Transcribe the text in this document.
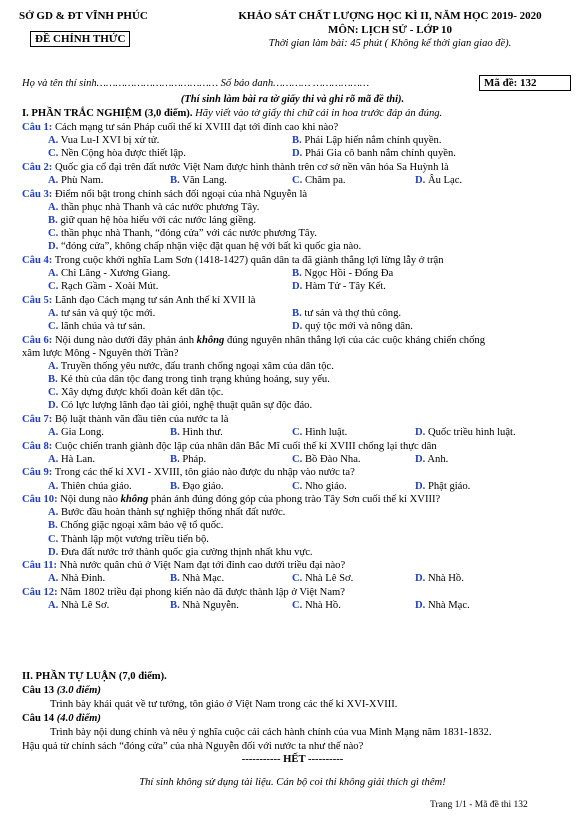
SỞ GD & ĐT VĨNH PHÚC
ĐỀ CHÍNH THỨC
KHẢO SÁT CHẤT LƯỢNG HỌC KÌ II, NĂM HỌC 2019- 2020
MÔN: LỊCH SỬ - LỚP 10
Thời gian làm bài: 45 phút ( Không kể thời gian giao đề).
Họ và tên thí sinh………………………………… Số báo danh………… ………………	Mã đề: 132
(Thí sinh làm bài ra tờ giấy thi và ghi rõ mã đề thi).
I. PHẦN TRẮC NGHIỆM (3,0 điểm). Hãy viết vào tờ giấy thi chữ cái in hoa trước đáp án đúng.
Câu 1: Cách mạng tư sản Pháp cuối thế kỉ XVIII đạt tới đỉnh cao khi nào?
A. Vua Lu-I XVI bị xử tử.	B. Phái Lập hiến nắm chính quyền.
C. Nền Cộng hòa được thiết lập.	D. Phái Gia cô banh nắm chính quyền.
Câu 2: Quốc gia cổ đại trên đất nước Việt Nam được hình thành trên cơ sở nền văn hóa Sa Huỳnh là
A. Phù Nam.	B. Văn Lang.	C. Chăm pa.	D. Âu Lạc.
Câu 3: Điểm nổi bật trong chính sách đối ngoại của nhà Nguyễn là
A. thần phục nhà Thanh và các nước phương Tây.
B. giữ quan hệ hòa hiếu với các nước láng giềng.
C. thần phục nhà Thanh, “đóng cửa” với các nước phương Tây.
D. “đóng cửa”, không chấp nhận việc đặt quan hệ với bất kì quốc gia nào.
Câu 4: Trong cuộc khởi nghĩa Lam Sơn (1418-1427) quân dân ta đã giành thắng lợi lừng lẫy ở trận
A. Chi Lăng - Xương Giang.	B. Ngọc Hồi - Đống Đa
C. Rạch Gầm - Xoài Mút.	D. Hàm Tử - Tây Kết.
Câu 5: Lãnh đạo Cách mạng tư sản Anh thế kỉ XVII là
A. tư sản và quý tộc mới.	B. tư sản và thợ thủ công.
C. lãnh chúa và tư sản.	D. quý tộc mới và nông dân.
Câu 6: Nội dung nào dưới đây phản ánh không đúng nguyên nhân thắng lợi của các cuộc kháng chiến chống
xâm lược Mông - Nguyên thời Trần?
A. Truyền thống yêu nước, đấu tranh chống ngoại xâm của dân tộc.
B. Kẻ thù của dân tộc đang trong tình trạng khủng hoảng, suy yếu.
C. Xây dựng được khối đoàn kết dân tộc.
D. Có lực lượng lãnh đạo tài giỏi, nghệ thuật quân sự độc đáo.
Câu 7: Bộ luật thành văn đầu tiên của nước ta là
A. Gia Long.	B. Hình thư.	C. Hình luật.	D. Quốc triều hình luật.
Câu 8: Cuộc chiến tranh giành độc lập của nhân dân Bắc Mĩ cuối thế kỉ XVIII chống lại thực dân
A. Hà Lan.	B. Pháp.	C. Bồ Đào Nha.	D. Anh.
Câu 9: Trong các thế kỉ XVI - XVIII, tôn giáo nào được du nhập vào nước ta?
A. Thiên chúa giáo.	B. Đạo giáo.	C. Nho giáo.	D. Phật giáo.
Câu 10: Nội dung nào không phản ánh đúng đóng góp của phong trào Tây Sơn cuối thế kỉ XVIII?
A. Bước đầu hoàn thành sự nghiệp thống nhất đất nước.
B. Chống giặc ngoại xâm bảo vệ tổ quốc.
C. Thành lập một vương triều tiến bộ.
D. Đưa đất nước trở thành quốc gia cường thịnh nhất khu vực.
Câu 11: Nhà nước quân chủ ở Việt Nam đạt tới đỉnh cao dưới triều đại nào?
A. Nhà Đinh.	B. Nhà Mạc.	C. Nhà Lê Sơ.	D. Nhà Hồ.
Câu 12: Năm 1802 triều đại phong kiến nào đã được thành lập ở Việt Nam?
A. Nhà Lê Sơ.	B. Nhà Nguyễn.	C. Nhà Hồ.	D. Nhà Mạc.
II. PHẦN TỰ LUẬN (7,0 điểm).
Câu 13 (3.0 điểm)
Trình bày khái quát về tư tưởng, tôn giáo ở Việt Nam trong các thế kỉ XVI-XVIII.
Câu 14 (4.0 điểm)
Trình bày nội dung chính và nêu ý nghĩa cuộc cải cách hành chính của vua Minh Mạng năm 1831-1832.
Hậu quả từ chính sách “đóng cửa” của nhà Nguyễn đối với nước ta như thế nào?
----------- HẾT ----------
Thí sinh không sử dụng tài liệu. Cán bộ coi thi không giải thích gì thêm!
Trang 1/1 - Mã đề thi 132
